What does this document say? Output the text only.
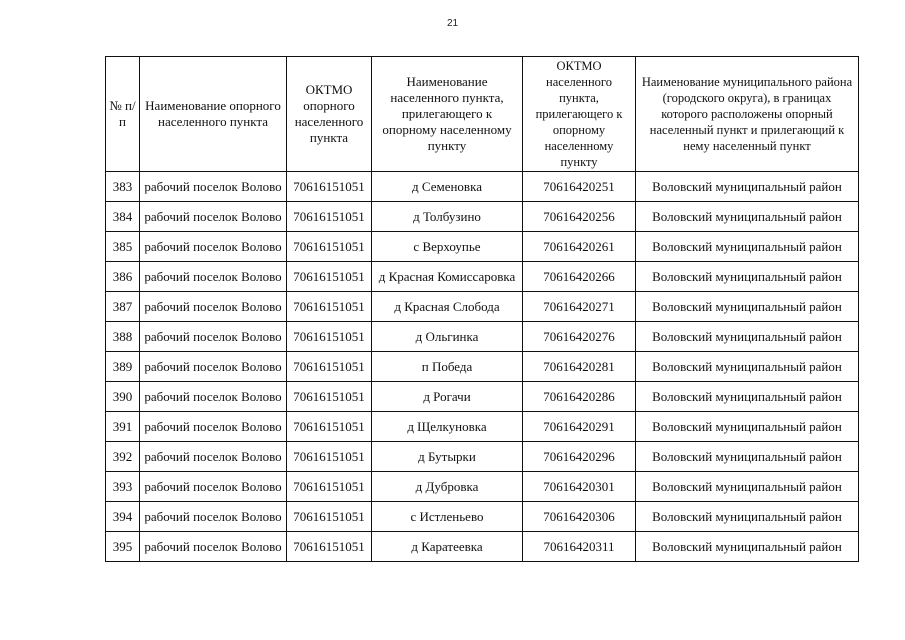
21
№ п/п	Наименование опорного населенного пункта	ОКТМО опорного населенного пункта	Наименование населенного пункта, прилегающего к опорному населенному пункту	ОКТМО населенного пункта, прилегающего к опорному населенному пункту	Наименование муниципального района (городского округа), в границах которого расположены опорный населенный пункт и прилегающий к нему населенный пункт
383	рабочий поселок Волово	70616151051	д Семеновка	70616420251	Воловский муниципальный район
384	рабочий поселок Волово	70616151051	д Толбузино	70616420256	Воловский муниципальный район
385	рабочий поселок Волово	70616151051	с Верхоупье	70616420261	Воловский муниципальный район
386	рабочий поселок Волово	70616151051	д Красная Комиссаровка	70616420266	Воловский муниципальный район
387	рабочий поселок Волово	70616151051	д Красная Слобода	70616420271	Воловский муниципальный район
388	рабочий поселок Волово	70616151051	д Ольгинка	70616420276	Воловский муниципальный район
389	рабочий поселок Волово	70616151051	п Победа	70616420281	Воловский муниципальный район
390	рабочий поселок Волово	70616151051	д Рогачи	70616420286	Воловский муниципальный район
391	рабочий поселок Волово	70616151051	д Щелкуновка	70616420291	Воловский муниципальный район
392	рабочий поселок Волово	70616151051	д Бутырки	70616420296	Воловский муниципальный район
393	рабочий поселок Волово	70616151051	д Дубровка	70616420301	Воловский муниципальный район
394	рабочий поселок Волово	70616151051	с Истленьево	70616420306	Воловский муниципальный район
395	рабочий поселок Волово	70616151051	д Каратеевка	70616420311	Воловский муниципальный район
